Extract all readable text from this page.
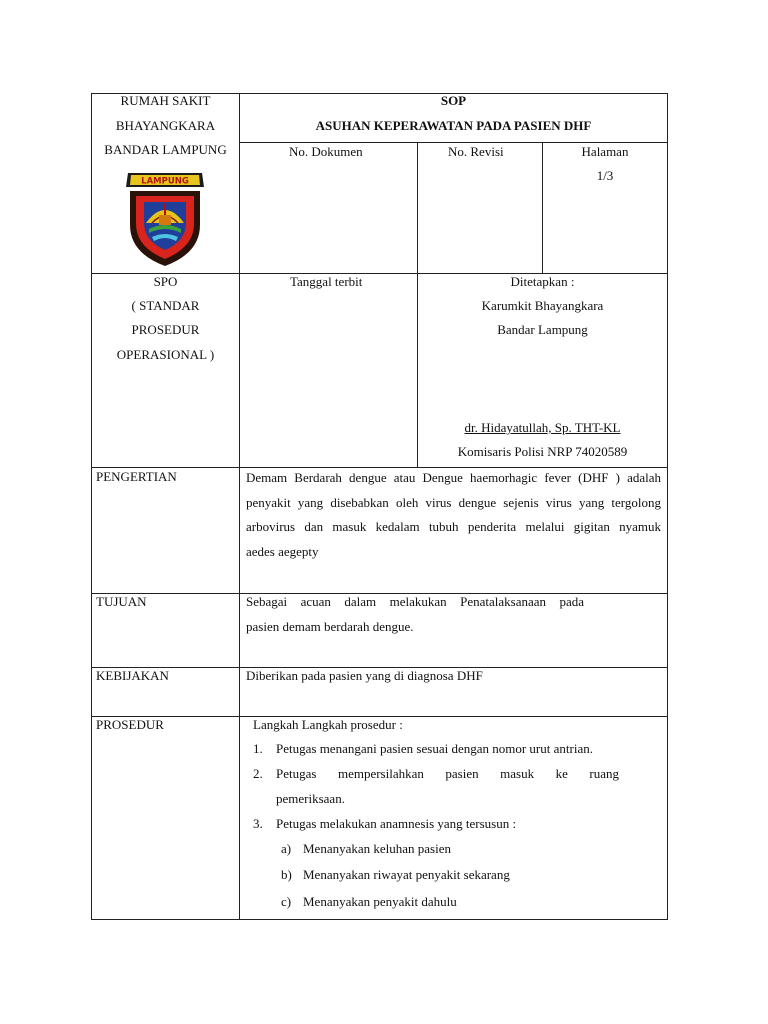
RUMAH SAKIT
BHAYANGKARA
BANDAR LAMPUNG
LAMPUNG
SOP
ASUHAN KEPERAWATAN PADA PASIEN DHF
No. Dokumen	No. Revisi	Halaman
1/3
SPO
( STANDAR
PROSEDUR
OPERASIONAL )
Tanggal terbit	Ditetapkan :
Karumkit Bhayangkara
Bandar Lampung
dr. Hidayatullah, Sp. THT-KL
Komisaris Polisi NRP 74020589
PENGERTIAN	Demam Berdarah dengue atau Dengue haemorhagic fever (DHF ) adalah
penyakit yang disebabkan oleh virus dengue sejenis virus yang tergolong
arbovirus dan masuk kedalam tubuh penderita melalui gigitan nyamuk
aedes aegepty
TUJUAN	Sebagai acuan dalam melakukan Penatalaksanaan pada
pasien demam berdarah dengue.
KEBIJAKAN	Diberikan pada pasien yang di diagnosa DHF
PROSEDUR	Langkah Langkah prosedur :
1.	Petugas menangani pasien sesuai dengan nomor urut antrian.
2.	Petugas mempersilahkan pasien masuk ke ruang
pemeriksaan.
3.	Petugas melakukan anamnesis yang tersusun :
a) Menanyakan keluhan pasien
b) Menanyakan riwayat penyakit sekarang
c) Menanyakan penyakit dahulu
